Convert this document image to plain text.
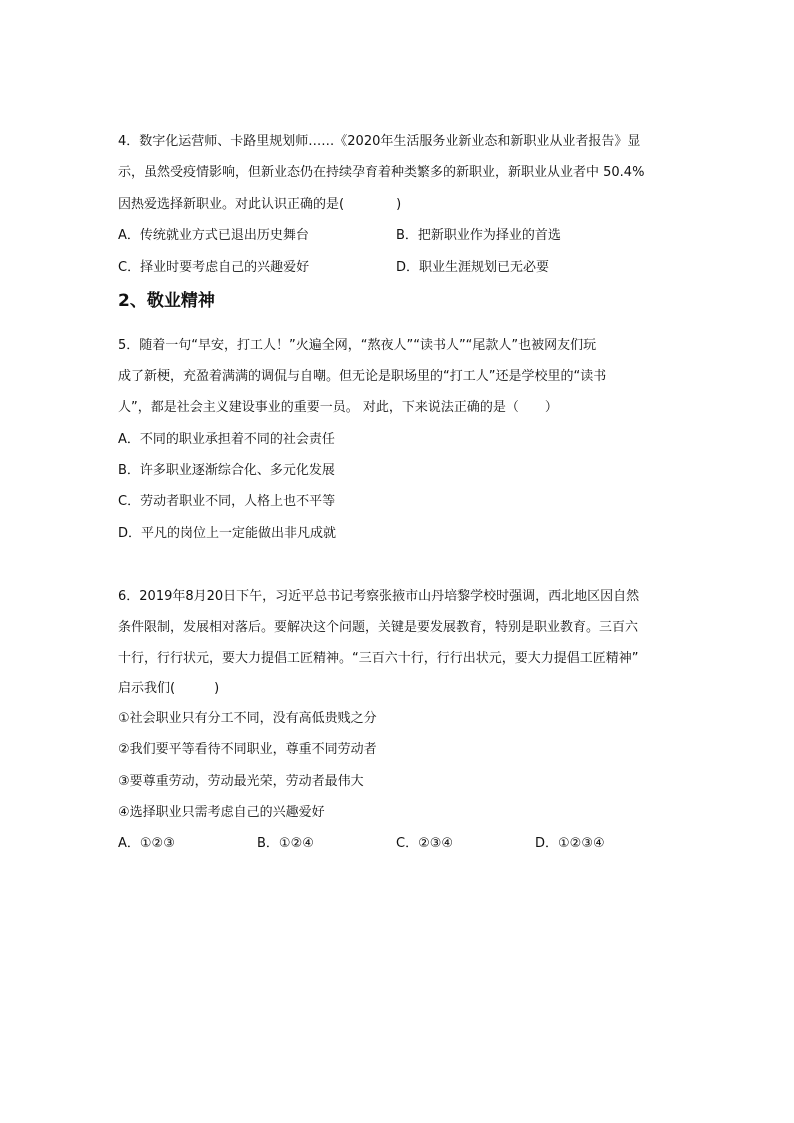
4．数字化运营师、卡路里规划师……《2020年生活服务业新业态和新职业从业者报告》显
示，虽然受疫情影响，但新业态仍在持续孕育着种类繁多的新职业，新职业从业者中 50.4%
因热爱选择新职业。对此认识正确的是(　　　　)
A．传统就业方式已退出历史舞台	B．把新职业作为择业的首选
C．择业时要考虑自己的兴趣爱好	D．职业生涯规划已无必要
2、敬业精神
5．随着一句“早安，打工人！”火遍全网，“熬夜人”“读书人”“尾款人”也被网友们玩
成了新梗，充盈着满满的调侃与自嘲。但无论是职场里的“打工人”还是学校里的“读书
人”，都是社会主义建设事业的重要一员。 对此，下来说法正确的是（　　）
A．不同的职业承担着不同的社会责任
B．许多职业逐渐综合化、多元化发展
C．劳动者职业不同，人格上也不平等
D．平凡的岗位上一定能做出非凡成就
6．2019年8月20日下午，习近平总书记考察张掖市山丹培黎学校时强调，西北地区因自然
条件限制，发展相对落后。要解决这个问题，关键是要发展教育，特别是职业教育。三百六
十行，行行状元，要大力提倡工匠精神。“三百六十行，行行出状元，要大力提倡工匠精神”
启示我们(　　　)
①社会职业只有分工不同，没有高低贵贱之分
②我们要平等看待不同职业，尊重不同劳动者
③要尊重劳动，劳动最光荣，劳动者最伟大
④选择职业只需考虑自己的兴趣爱好
A．①②③	B．①②④	C．②③④	D．①②③④
